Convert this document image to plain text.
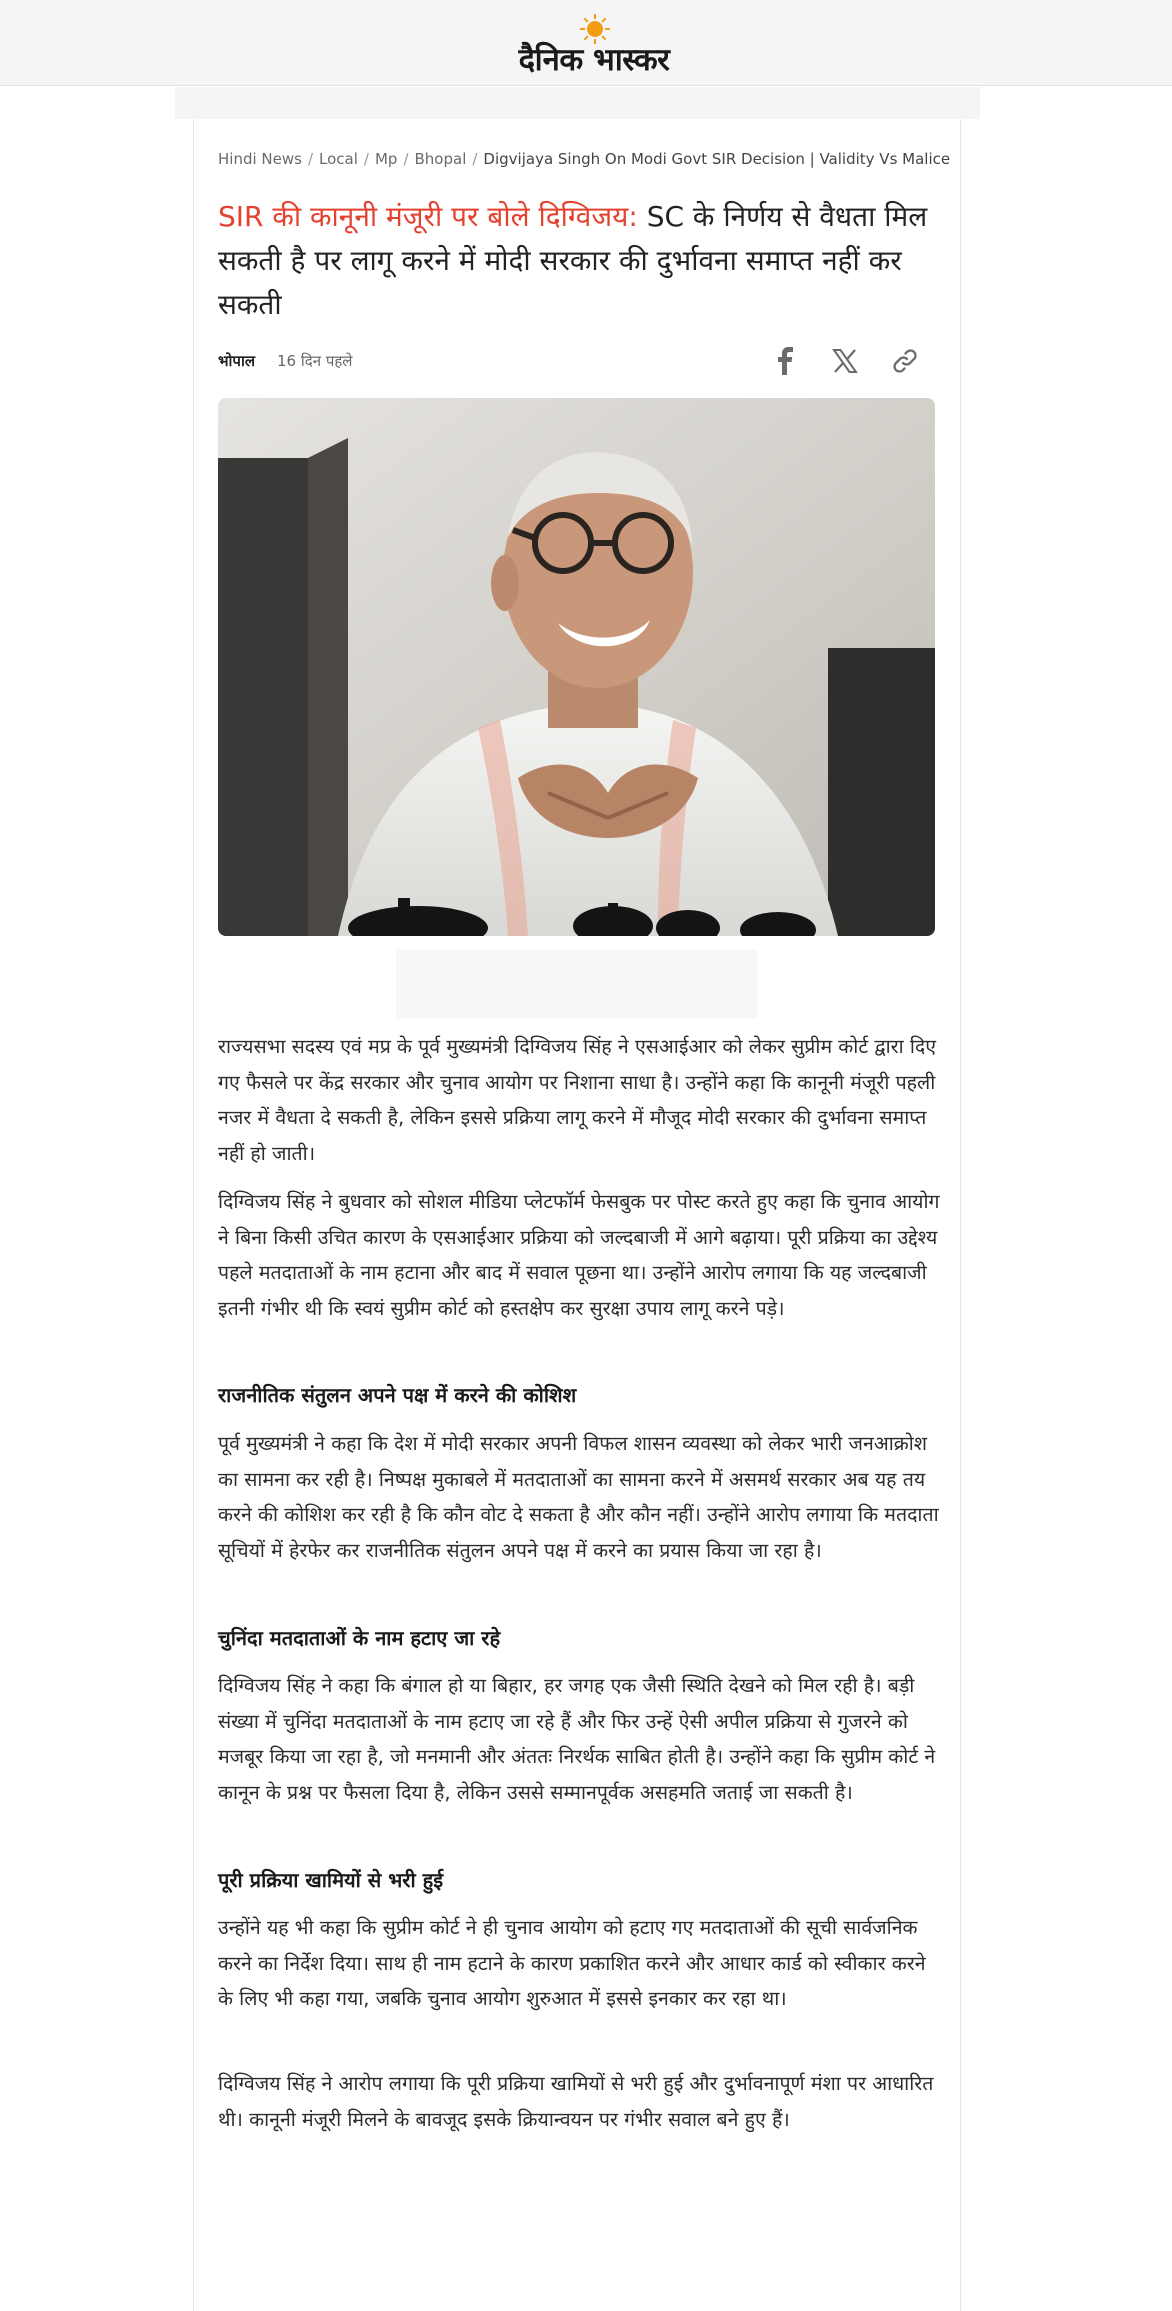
दैनिक भास्कर
Hindi News / Local / Mp / Bhopal / Digvijaya Singh On Modi Govt SIR Decision | Validity Vs Malice
SIR की कानूनी मंजूरी पर बोले दिग्विजय: SC के निर्णय से वैधता मिल सकती है पर लागू करने में मोदी सरकार की दुर्भावना समाप्त नहीं कर सकती
भोपाल 16 दिन पहले

राज्यसभा सदस्य एवं मप्र के पूर्व मुख्यमंत्री दिग्विजय सिंह ने एसआईआर को लेकर सुप्रीम कोर्ट द्वारा दिए गए फैसले पर केंद्र सरकार और चुनाव आयोग पर निशाना साधा है। उन्होंने कहा कि कानूनी मंजूरी पहली नजर में वैधता दे सकती है, लेकिन इससे प्रक्रिया लागू करने में मौजूद मोदी सरकार की दुर्भावना समाप्त नहीं हो जाती।

दिग्विजय सिंह ने बुधवार को सोशल मीडिया प्लेटफॉर्म फेसबुक पर पोस्ट करते हुए कहा कि चुनाव आयोग ने बिना किसी उचित कारण के एसआईआर प्रक्रिया को जल्दबाजी में आगे बढ़ाया। पूरी प्रक्रिया का उद्देश्य पहले मतदाताओं के नाम हटाना और बाद में सवाल पूछना था। उन्होंने आरोप लगाया कि यह जल्दबाजी इतनी गंभीर थी कि स्वयं सुप्रीम कोर्ट को हस्तक्षेप कर सुरक्षा उपाय लागू करने पड़े।

राजनीतिक संतुलन अपने पक्ष में करने की कोशिश

पूर्व मुख्यमंत्री ने कहा कि देश में मोदी सरकार अपनी विफल शासन व्यवस्था को लेकर भारी जनआक्रोश का सामना कर रही है। निष्पक्ष मुकाबले में मतदाताओं का सामना करने में असमर्थ सरकार अब यह तय करने की कोशिश कर रही है कि कौन वोट दे सकता है और कौन नहीं। उन्होंने आरोप लगाया कि मतदाता सूचियों में हेरफेर कर राजनीतिक संतुलन अपने पक्ष में करने का प्रयास किया जा रहा है।

चुनिंदा मतदाताओं के नाम हटाए जा रहे

दिग्विजय सिंह ने कहा कि बंगाल हो या बिहार, हर जगह एक जैसी स्थिति देखने को मिल रही है। बड़ी संख्या में चुनिंदा मतदाताओं के नाम हटाए जा रहे हैं और फिर उन्हें ऐसी अपील प्रक्रिया से गुजरने को मजबूर किया जा रहा है, जो मनमानी और अंततः निरर्थक साबित होती है। उन्होंने कहा कि सुप्रीम कोर्ट ने कानून के प्रश्न पर फैसला दिया है, लेकिन उससे सम्मानपूर्वक असहमति जताई जा सकती है।

पूरी प्रक्रिया खामियों से भरी हुई

उन्होंने यह भी कहा कि सुप्रीम कोर्ट ने ही चुनाव आयोग को हटाए गए मतदाताओं की सूची सार्वजनिक करने का निर्देश दिया। साथ ही नाम हटाने के कारण प्रकाशित करने और आधार कार्ड को स्वीकार करने के लिए भी कहा गया, जबकि चुनाव आयोग शुरुआत में इससे इनकार कर रहा था।

दिग्विजय सिंह ने आरोप लगाया कि पूरी प्रक्रिया खामियों से भरी हुई और दुर्भावनापूर्ण मंशा पर आधारित थी। कानूनी मंजूरी मिलने के बावजूद इसके क्रियान्वयन पर गंभीर सवाल बने हुए हैं।
